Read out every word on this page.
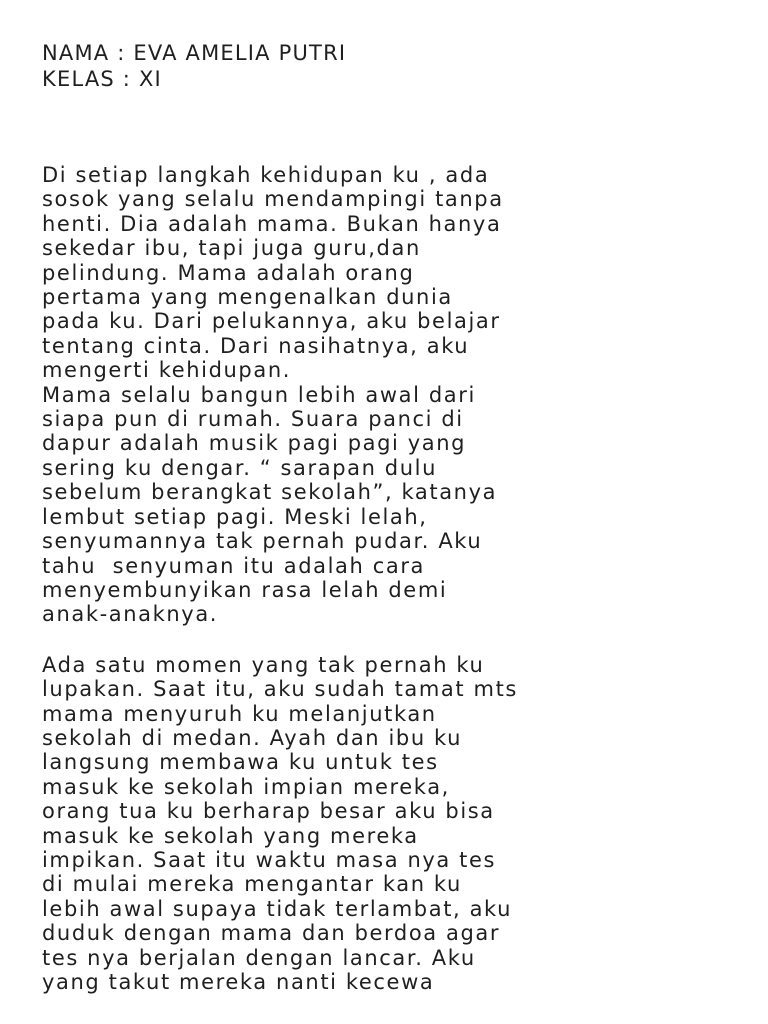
NAMA : EVA AMELIA PUTRI
KELAS : XI

Di setiap langkah kehidupan ku , ada
sosok yang selalu mendampingi tanpa
henti. Dia adalah mama. Bukan hanya
sekedar ibu, tapi juga guru,dan
pelindung. Mama adalah orang
pertama yang mengenalkan dunia
pada ku. Dari pelukannya, aku belajar
tentang cinta. Dari nasihatnya, aku
mengerti kehidupan.
Mama selalu bangun lebih awal dari
siapa pun di rumah. Suara panci di
dapur adalah musik pagi pagi yang
sering ku dengar. “ sarapan dulu
sebelum berangkat sekolah”, katanya
lembut setiap pagi. Meski lelah,
senyumannya tak pernah pudar. Aku
tahu  senyuman itu adalah cara
menyembunyikan rasa lelah demi
anak-anaknya.

Ada satu momen yang tak pernah ku
lupakan. Saat itu, aku sudah tamat mts
mama menyuruh ku melanjutkan
sekolah di medan. Ayah dan ibu ku
langsung membawa ku untuk tes
masuk ke sekolah impian mereka,
orang tua ku berharap besar aku bisa
masuk ke sekolah yang mereka
impikan. Saat itu waktu masa nya tes
di mulai mereka mengantar kan ku
lebih awal supaya tidak terlambat, aku
duduk dengan mama dan berdoa agar
tes nya berjalan dengan lancar. Aku
yang takut mereka nanti kecewa
